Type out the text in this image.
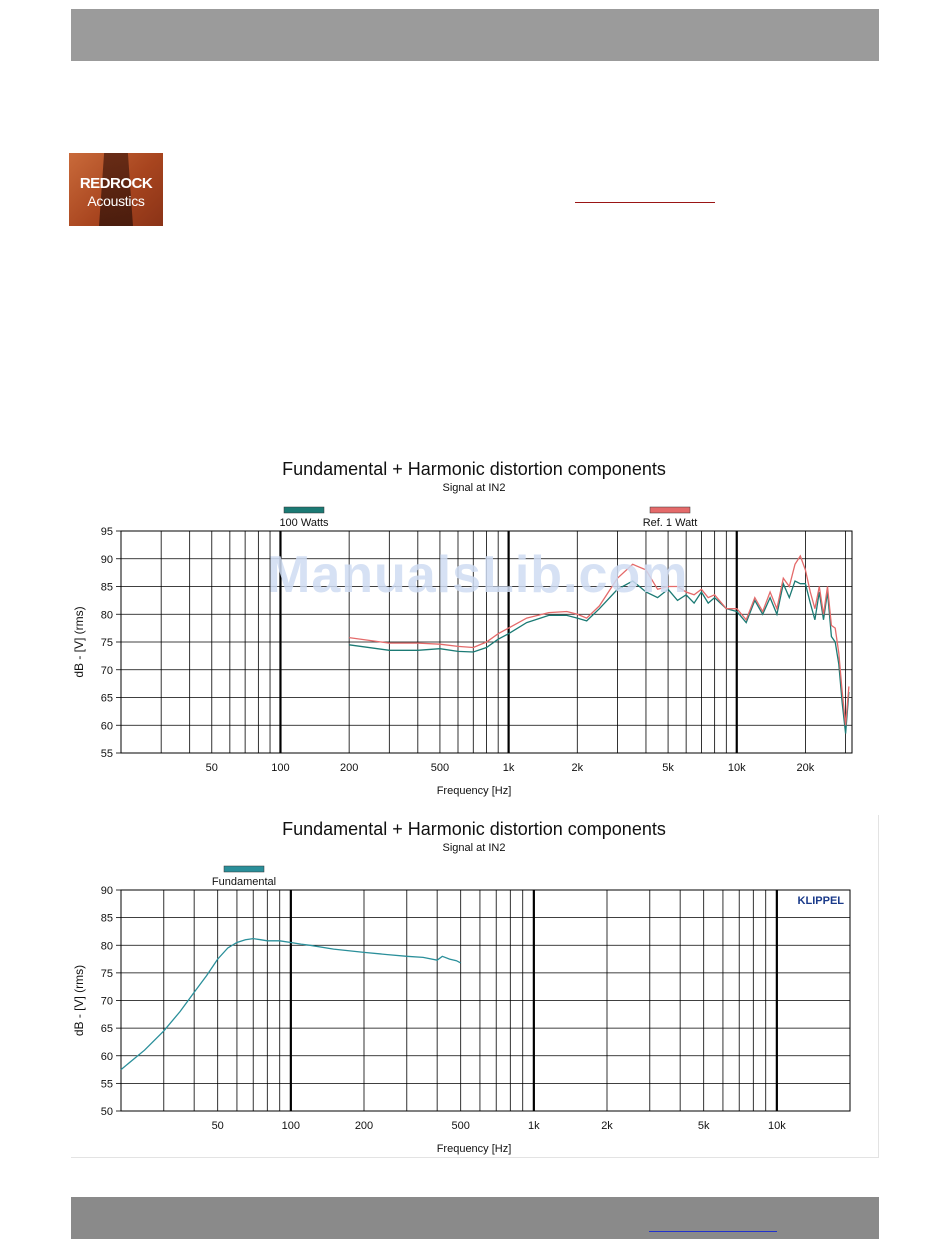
REDROCK
Acoustics
Fundamental + Harmonic distortion components
Signal at IN2
55
60
65
70
75
80
85
90
95
50	100	200	500	1k	2k	5k	10k	20k
Frequency [Hz]
dB - [V] (rms)
100 Watts	Ref. 1 Watt
Fundamental + Harmonic distortion components
Signal at IN2
50
55
60
65
70
75
80
85
90
50	100	200	500	1k	2k	5k	10k
Frequency [Hz]
dB - [V] (rms)
Fundamental
KLIPPEL
ManualsLib.com
